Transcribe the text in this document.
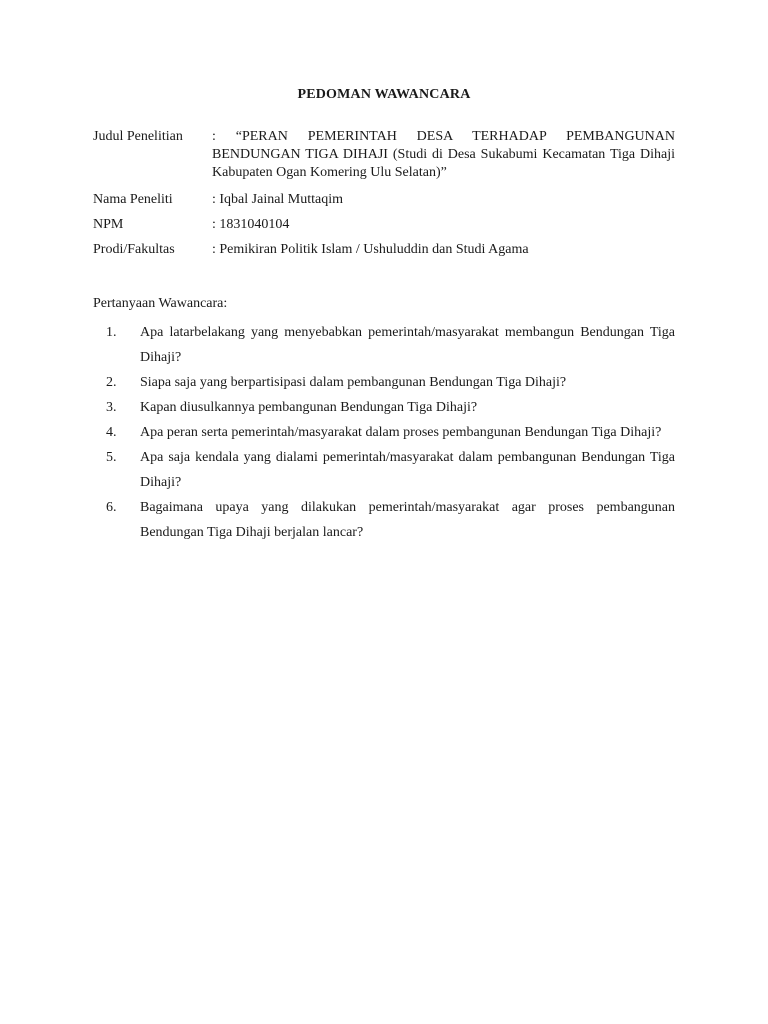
PEDOMAN WAWANCARA
Judul Penelitian	: “PERAN PEMERINTAH DESA TERHADAP PEMBANGUNAN
BENDUNGAN TIGA DIHAJI (Studi di Desa Sukabumi Kecamatan Tiga Dihaji Kabupaten Ogan Komering Ulu Selatan)”
Nama Peneliti	: Iqbal Jainal Muttaqim
NPM	: 1831040104
Prodi/Fakultas	: Pemikiran Politik Islam / Ushuluddin dan Studi Agama
Pertanyaan Wawancara:
1.	Apa latarbelakang yang menyebabkan pemerintah/masyarakat membangun Bendungan Tiga Dihaji?
2.	Siapa saja yang berpartisipasi dalam pembangunan Bendungan Tiga Dihaji?
3.	Kapan diusulkannya pembangunan Bendungan Tiga Dihaji?
4.	Apa peran serta pemerintah/masyarakat dalam proses pembangunan Bendungan Tiga Dihaji?
5.	Apa saja kendala yang dialami pemerintah/masyarakat dalam pembangunan Bendungan Tiga Dihaji?
6.	Bagaimana upaya yang dilakukan pemerintah/masyarakat agar proses pembangunan Bendungan Tiga Dihaji berjalan lancar?
